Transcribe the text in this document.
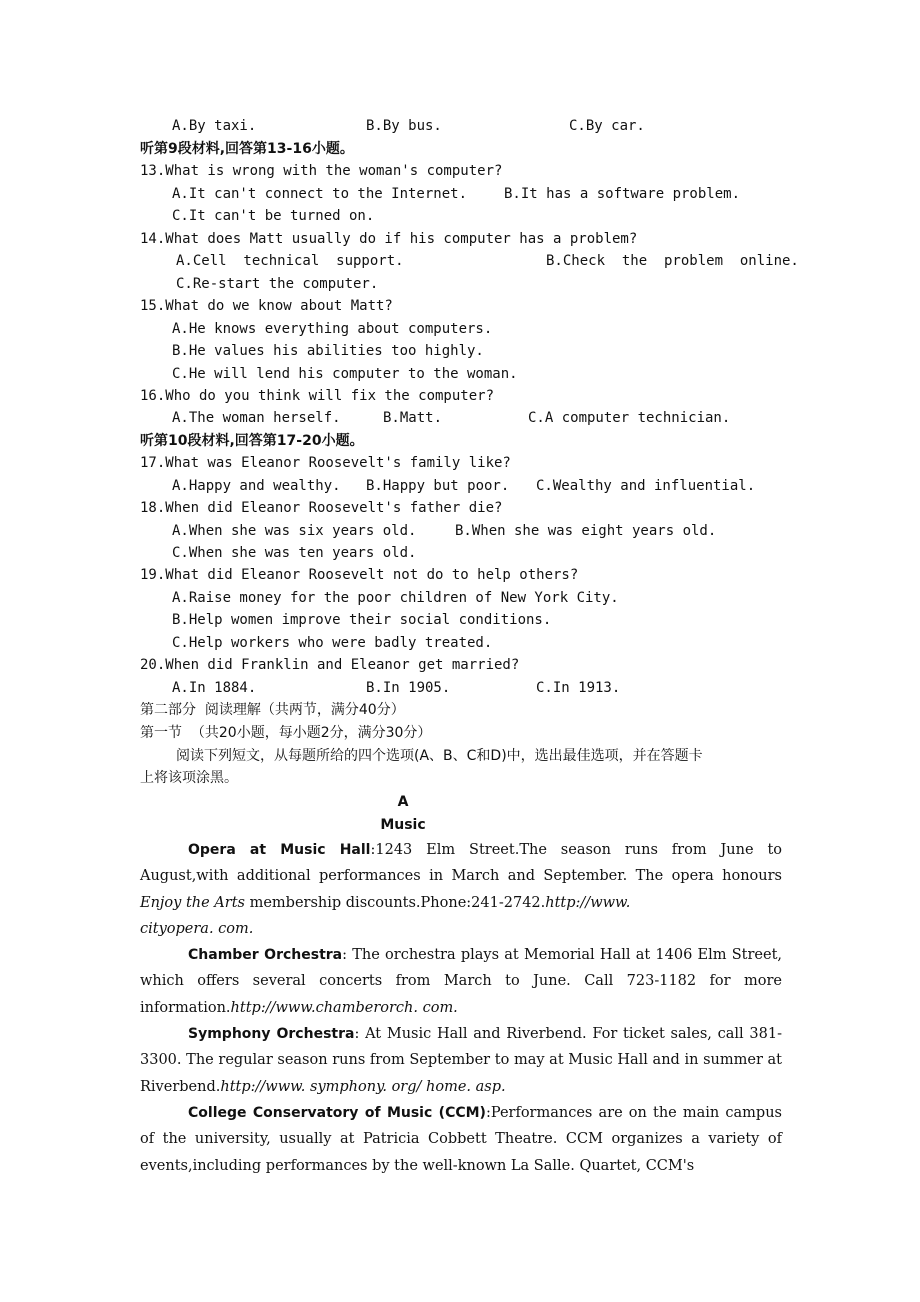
A.By taxi.	B.By bus.	C.By car.
听第9段材料,回答第13-16小题。
13.What is wrong with the woman's computer?
A.It can't connect to the Internet.	B.It has a software problem.
C.It can't be turned on.
14.What does Matt usually do if his computer has a problem?
A.Cell  technical  support.	B.Check  the  problem  online.
C.Re-start the computer.
15.What do we know about Matt?
A.He knows everything about computers.
B.He values his abilities too highly.
C.He will lend his computer to the woman.
16.Who do you think will fix the computer?
A.The woman herself.	B.Matt.	C.A computer technician.
听第10段材料,回答第17-20小题。
17.What was Eleanor Roosevelt's family like?
A.Happy and wealthy. B.Happy but poor. C.Wealthy and influential.
18.When did Eleanor Roosevelt's father die?
A.When she was six years old.	B.When she was eight years old.
C.When she was ten years old.
19.What did Eleanor Roosevelt not do to help others?
A.Raise money for the poor children of New York City.
B.Help women improve their social conditions.
C.Help workers who were badly treated.
20.When did Franklin and Eleanor get married?
A.In 1884.	B.In 1905.	C.In 1913.
第二部分  阅读理解（共两节，满分40分）
第一节  （共20小题，每小题2分，满分30分）
阅读下列短文，从每题所给的四个选项(A、B、C和D)中，选出最佳选项，并在答题卡
上将该项涂黑。
A
Music
Opera at Music Hall:1243 Elm Street.The season runs from June to August,with additional performances in March and September. The opera honours Enjoy the Arts membership discounts.Phone:241-2742.http://www.
cityopera. com.
Chamber Orchestra: The orchestra plays at Memorial Hall at 1406 Elm Street, which offers several concerts from March to June. Call 723-1182 for more information.http://www.chamberorch. com.
Symphony Orchestra: At Music Hall and Riverbend. For ticket sales, call 381-3300. The regular season runs from September to may at Music Hall and in summer at Riverbend.http://www. symphony. org/ home. asp.
College Conservatory of Music (CCM):Performances are on the main campus of the university, usually at Patricia Cobbett Theatre. CCM organizes a variety of events,including performances by the well-known La Salle. Quartet, CCM's
